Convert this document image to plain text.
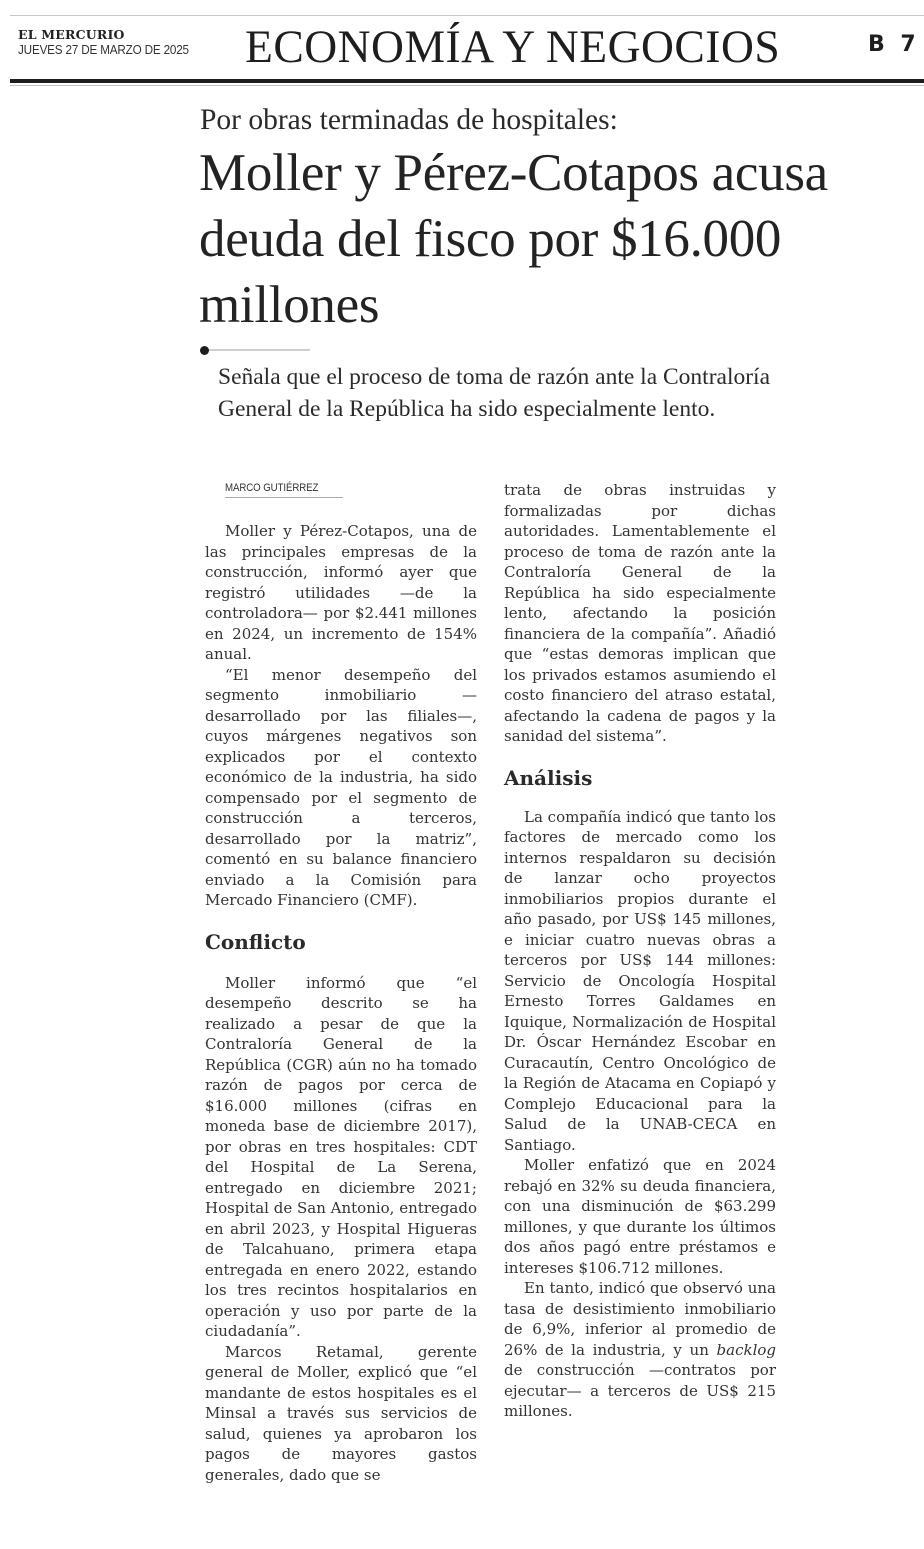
EL MERCURIO
JUEVES 27 DE MARZO DE 2025 ECONOMÍA Y NEGOCIOS	B 7
Por obras terminadas de hospitales:
Moller y Pérez-Cotapos acusa deuda del fisco por $16.000 millones
Señala que el proceso de toma de razón ante la Contraloría General de la República ha sido especialmente lento.
MARCO GUTIÉRREZ

Moller y Pérez-Cotapos, una de las principales empresas de la construcción, informó ayer que registró utilidades —de la controladora— por $2.441 millones en 2024, un incremento de 154% anual.

“El menor desempeño del segmento inmobiliario —desarrollado por las filiales—, cuyos márgenes negativos son explicados por el contexto económico de la industria, ha sido compensado por el segmento de construcción a terceros, desarrollado por la matriz”, comentó en su balance financiero enviado a la Comisión para Mercado Financiero (CMF).

Conflicto

Moller informó que “el desempeño descrito se ha realizado a pesar de que la Contraloría General de la República (CGR) aún no ha tomado razón de pagos por cerca de $16.000 millones (cifras en moneda base de diciembre 2017), por obras en tres hospitales: CDT del Hospital de La Serena, entregado en diciembre 2021; Hospital de San Antonio, entregado en abril 2023, y Hospital Higueras de Talcahuano, primera etapa entregada en enero 2022, estando los tres recintos hospitalarios en operación y uso por parte de la ciudadanía”.

Marcos Retamal, gerente general de Moller, explicó que “el mandante de estos hospitales es el Minsal a través sus servicios de salud, quienes ya aprobaron los pagos de mayores gastos generales, dado que se

trata de obras instruidas y formalizadas por dichas autoridades. Lamentablemente el proceso de toma de razón ante la Contraloría General de la República ha sido especialmente lento, afectando la posición financiera de la compañía”. Añadió que “estas demoras implican que los privados estamos asumiendo el costo financiero del atraso estatal, afectando la cadena de pagos y la sanidad del sistema”.

Análisis

La compañía indicó que tanto los factores de mercado como los internos respaldaron su decisión de lanzar ocho proyectos inmobiliarios propios durante el año pasado, por US$ 145 millones, e iniciar cuatro nuevas obras a terceros por US$ 144 millones: Servicio de Oncología Hospital Ernesto Torres Galdames en Iquique, Normalización de Hospital Dr. Óscar Hernández Escobar en Curacautín, Centro Oncológico de la Región de Atacama en Copiapó y Complejo Educacional para la Salud de la UNAB-CECA en Santiago.

Moller enfatizó que en 2024 rebajó en 32% su deuda financiera, con una disminución de $63.299 millones, y que durante los últimos dos años pagó entre préstamos e intereses $106.712 millones.

En tanto, indicó que observó una tasa de desistimiento inmobiliario de 6,9%, inferior al promedio de 26% de la industria, y un backlog de construcción —contratos por ejecutar— a terceros de US$ 215 millones.
